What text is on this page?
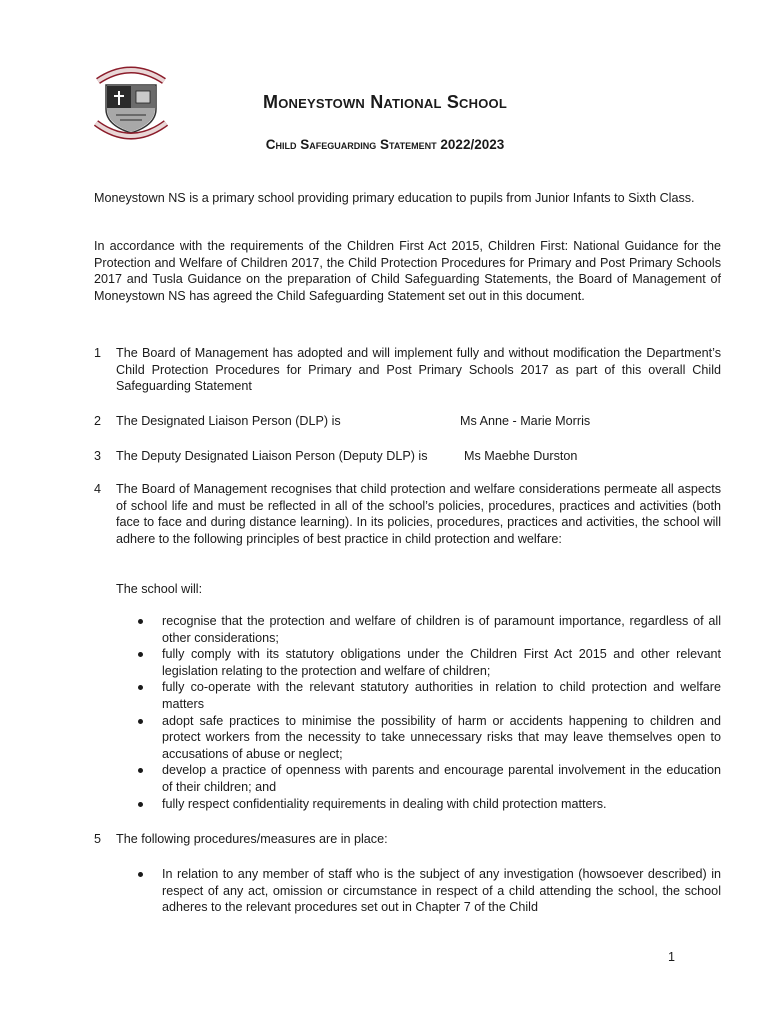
Moneystown National School
Child Safeguarding Statement 2022/2023

Moneystown NS is a primary school providing primary education to pupils from Junior Infants to Sixth Class.

In accordance with the requirements of the Children First Act 2015, Children First: National Guidance for the Protection and Welfare of Children 2017, the Child Protection Procedures for Primary and Post Primary Schools 2017 and Tusla Guidance on the preparation of Child Safeguarding Statements, the Board of Management of Moneystown NS has agreed the Child Safeguarding Statement set out in this document.

1	The Board of Management has adopted and will implement fully and without modification the Department’s Child Protection Procedures for Primary and Post Primary Schools 2017 as part of this overall Child Safeguarding Statement
2	The Designated Liaison Person (DLP) is	Ms Anne - Marie Morris
3	The Deputy Designated Liaison Person (Deputy DLP) is	Ms Maebhe Durston
4	The Board of Management recognises that child protection and welfare considerations permeate all aspects of school life and must be reflected in all of the school’s policies, procedures, practices and activities (both face to face and during distance learning). In its policies, procedures, practices and activities, the school will adhere to the following principles of best practice in child protection and welfare:
The school will:
recognise that the protection and welfare of children is of paramount importance, regardless of all other considerations;
fully comply with its statutory obligations under the Children First Act 2015 and other relevant legislation relating to the protection and welfare of children;
fully co-operate with the relevant statutory authorities in relation to child protection and welfare matters
adopt safe practices to minimise the possibility of harm or accidents happening to children and protect workers from the necessity to take unnecessary risks that may leave themselves open to accusations of abuse or neglect;
develop a practice of openness with parents and encourage parental involvement in the education of their children; and
fully respect confidentiality requirements in dealing with child protection matters.
5	The following procedures/measures are in place:
In relation to any member of staff who is the subject of any investigation (howsoever described) in respect of any act, omission or circumstance in respect of a child attending the school, the school adheres to the relevant procedures set out in Chapter 7 of the Child
1
